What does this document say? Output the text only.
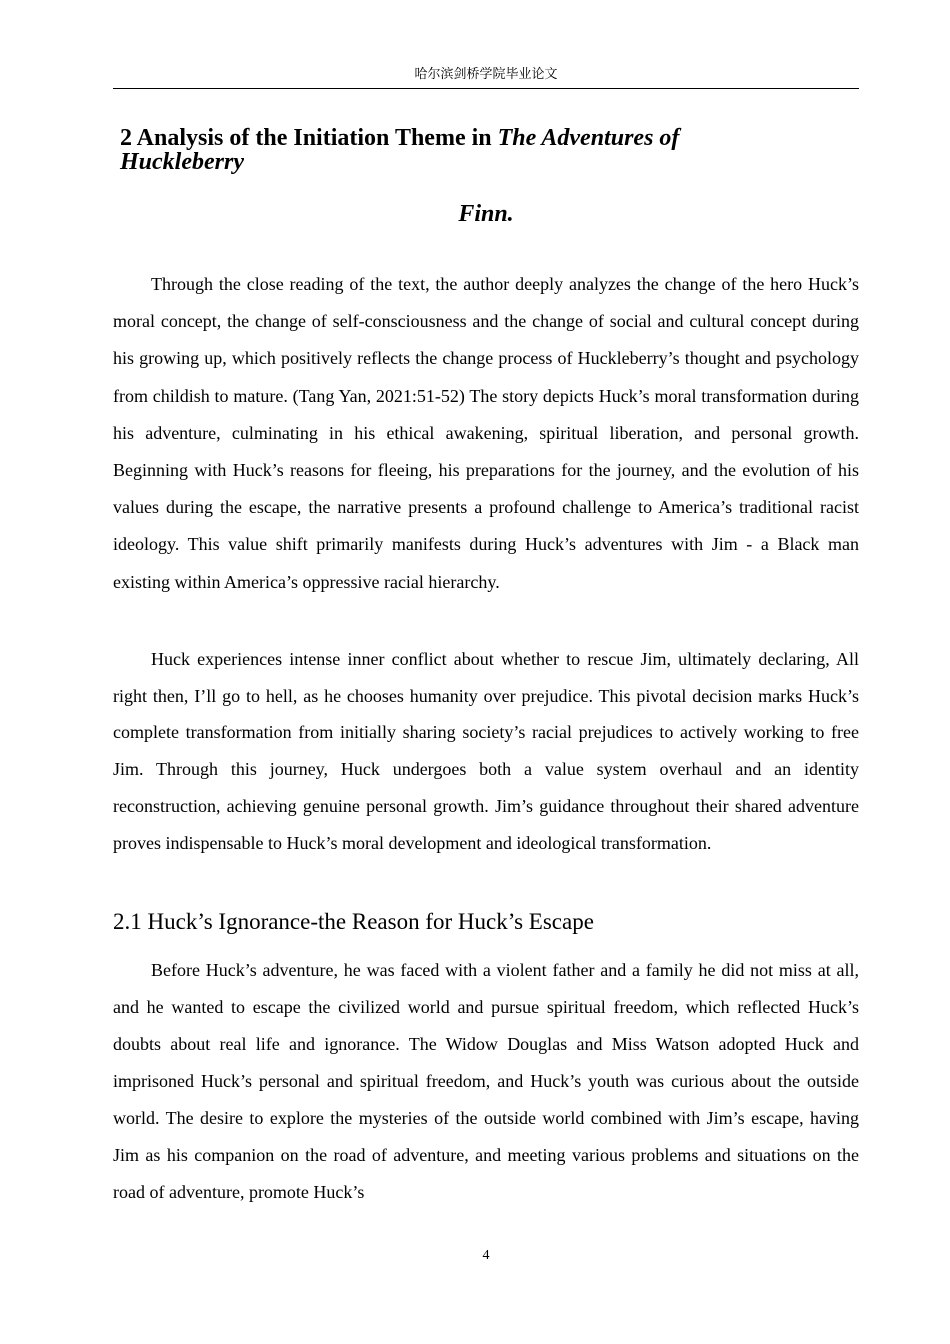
哈尔滨剑桥学院毕业论文
2 Analysis of the Initiation Theme in The Adventures of Huckleberry
Finn.

Through the close reading of the text, the author deeply analyzes the change of the hero Huck’s moral concept, the change of self-consciousness and the change of social and cultural concept during his growing up, which positively reflects the change process of Huckleberry’s thought and psychology from childish to mature. (Tang Yan, 2021:51-52) The story depicts Huck’s moral transformation during his adventure, culminating in his ethical awakening, spiritual liberation, and personal growth. Beginning with Huck’s reasons for fleeing, his preparations for the journey, and the evolution of his values during the escape, the narrative presents a profound challenge to America’s traditional racist ideology. This value shift primarily manifests during Huck’s adventures with Jim - a Black man existing within America’s oppressive racial hierarchy.

Huck experiences intense inner conflict about whether to rescue Jim, ultimately declaring, All right then, I’ll go to hell, as he chooses humanity over prejudice. This pivotal decision marks Huck’s complete transformation from initially sharing society’s racial prejudices to actively working to free Jim. Through this journey, Huck undergoes both a value system overhaul and an identity reconstruction, achieving genuine personal growth. Jim’s guidance throughout their shared adventure proves indispensable to Huck’s moral development and ideological transformation.

2.1 Huck’s Ignorance-the Reason for Huck’s Escape

Before Huck’s adventure, he was faced with a violent father and a family he did not miss at all, and he wanted to escape the civilized world and pursue spiritual freedom, which reflected Huck’s doubts about real life and ignorance. The Widow Douglas and Miss Watson adopted Huck and imprisoned Huck’s personal and spiritual freedom, and Huck’s youth was curious about the outside world. The desire to explore the mysteries of the outside world combined with Jim’s escape, having Jim as his companion on the road of adventure, and meeting various problems and situations on the road of adventure, promote Huck’s

4
